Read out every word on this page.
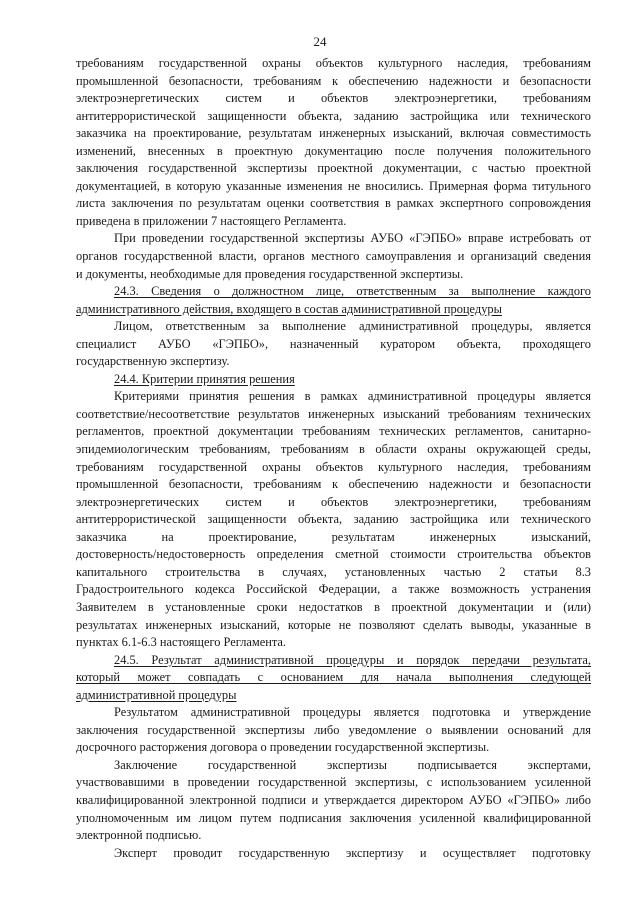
24
требованиям государственной охраны объектов культурного наследия, требованиям
промышленной безопасности, требованиям к обеспечению надежности и безопасности
электроэнергетических систем и объектов электроэнергетики, требованиям
антитеррористической защищенности объекта, заданию застройщика или технического
заказчика на проектирование, результатам инженерных изысканий, включая совместимость
изменений, внесенных в проектную документацию после получения положительного
заключения государственной экспертизы проектной документации, с частью проектной
документацией, в которую указанные изменения не вносились. Примерная форма титульного
листа заключения по результатам оценки соответствия в рамках экспертного сопровождения
приведена в приложении 7 настоящего Регламента.
При проведении государственной экспертизы АУБО «ГЭПБО» вправе истребовать от
органов государственной власти, органов местного самоуправления и организаций сведения
и документы, необходимые для проведения государственной экспертизы.
24.3. Сведения о должностном лице, ответственным за выполнение каждого
административного действия, входящего в состав административной процедуры
Лицом, ответственным за выполнение административной процедуры, является
специалист АУБО «ГЭПБО», назначенный куратором объекта, проходящего
государственную экспертизу.
24.4. Критерии принятия решения
Критериями принятия решения в рамках административной процедуры является
соответствие/несоответствие результатов инженерных изысканий требованиям технических
регламентов, проектной документации требованиям технических регламентов, санитарно-
эпидемиологическим требованиям, требованиям в области охраны окружающей среды,
требованиям государственной охраны объектов культурного наследия, требованиям
промышленной безопасности, требованиям к обеспечению надежности и безопасности
электроэнергетических систем и объектов электроэнергетики, требованиям
антитеррористической защищенности объекта, заданию застройщика или технического
заказчика на проектирование, результатам инженерных изысканий,
достоверность/недостоверность определения сметной стоимости строительства объектов
капитального строительства в случаях, установленных частью 2 статьи 8.3
Градостроительного кодекса Российской Федерации, а также возможность устранения
Заявителем в установленные сроки недостатков в проектной документации и (или)
результатах инженерных изысканий, которые не позволяют сделать выводы, указанные в
пунктах 6.1-6.3 настоящего Регламента.
24.5. Результат административной процедуры и порядок передачи результата,
который может совпадать с основанием для начала выполнения следующей
административной процедуры
Результатом административной процедуры является подготовка и утверждение
заключения государственной экспертизы либо уведомление о выявлении оснований для
досрочного расторжения договора о проведении государственной экспертизы.
Заключение государственной экспертизы подписывается экспертами,
участвовавшими в проведении государственной экспертизы, с использованием усиленной
квалифицированной электронной подписи и утверждается директором АУБО «ГЭПБО» либо
уполномоченным им лицом путем подписания заключения усиленной квалифицированной
электронной подписью.
Эксперт проводит государственную экспертизу и осуществляет подготовку
